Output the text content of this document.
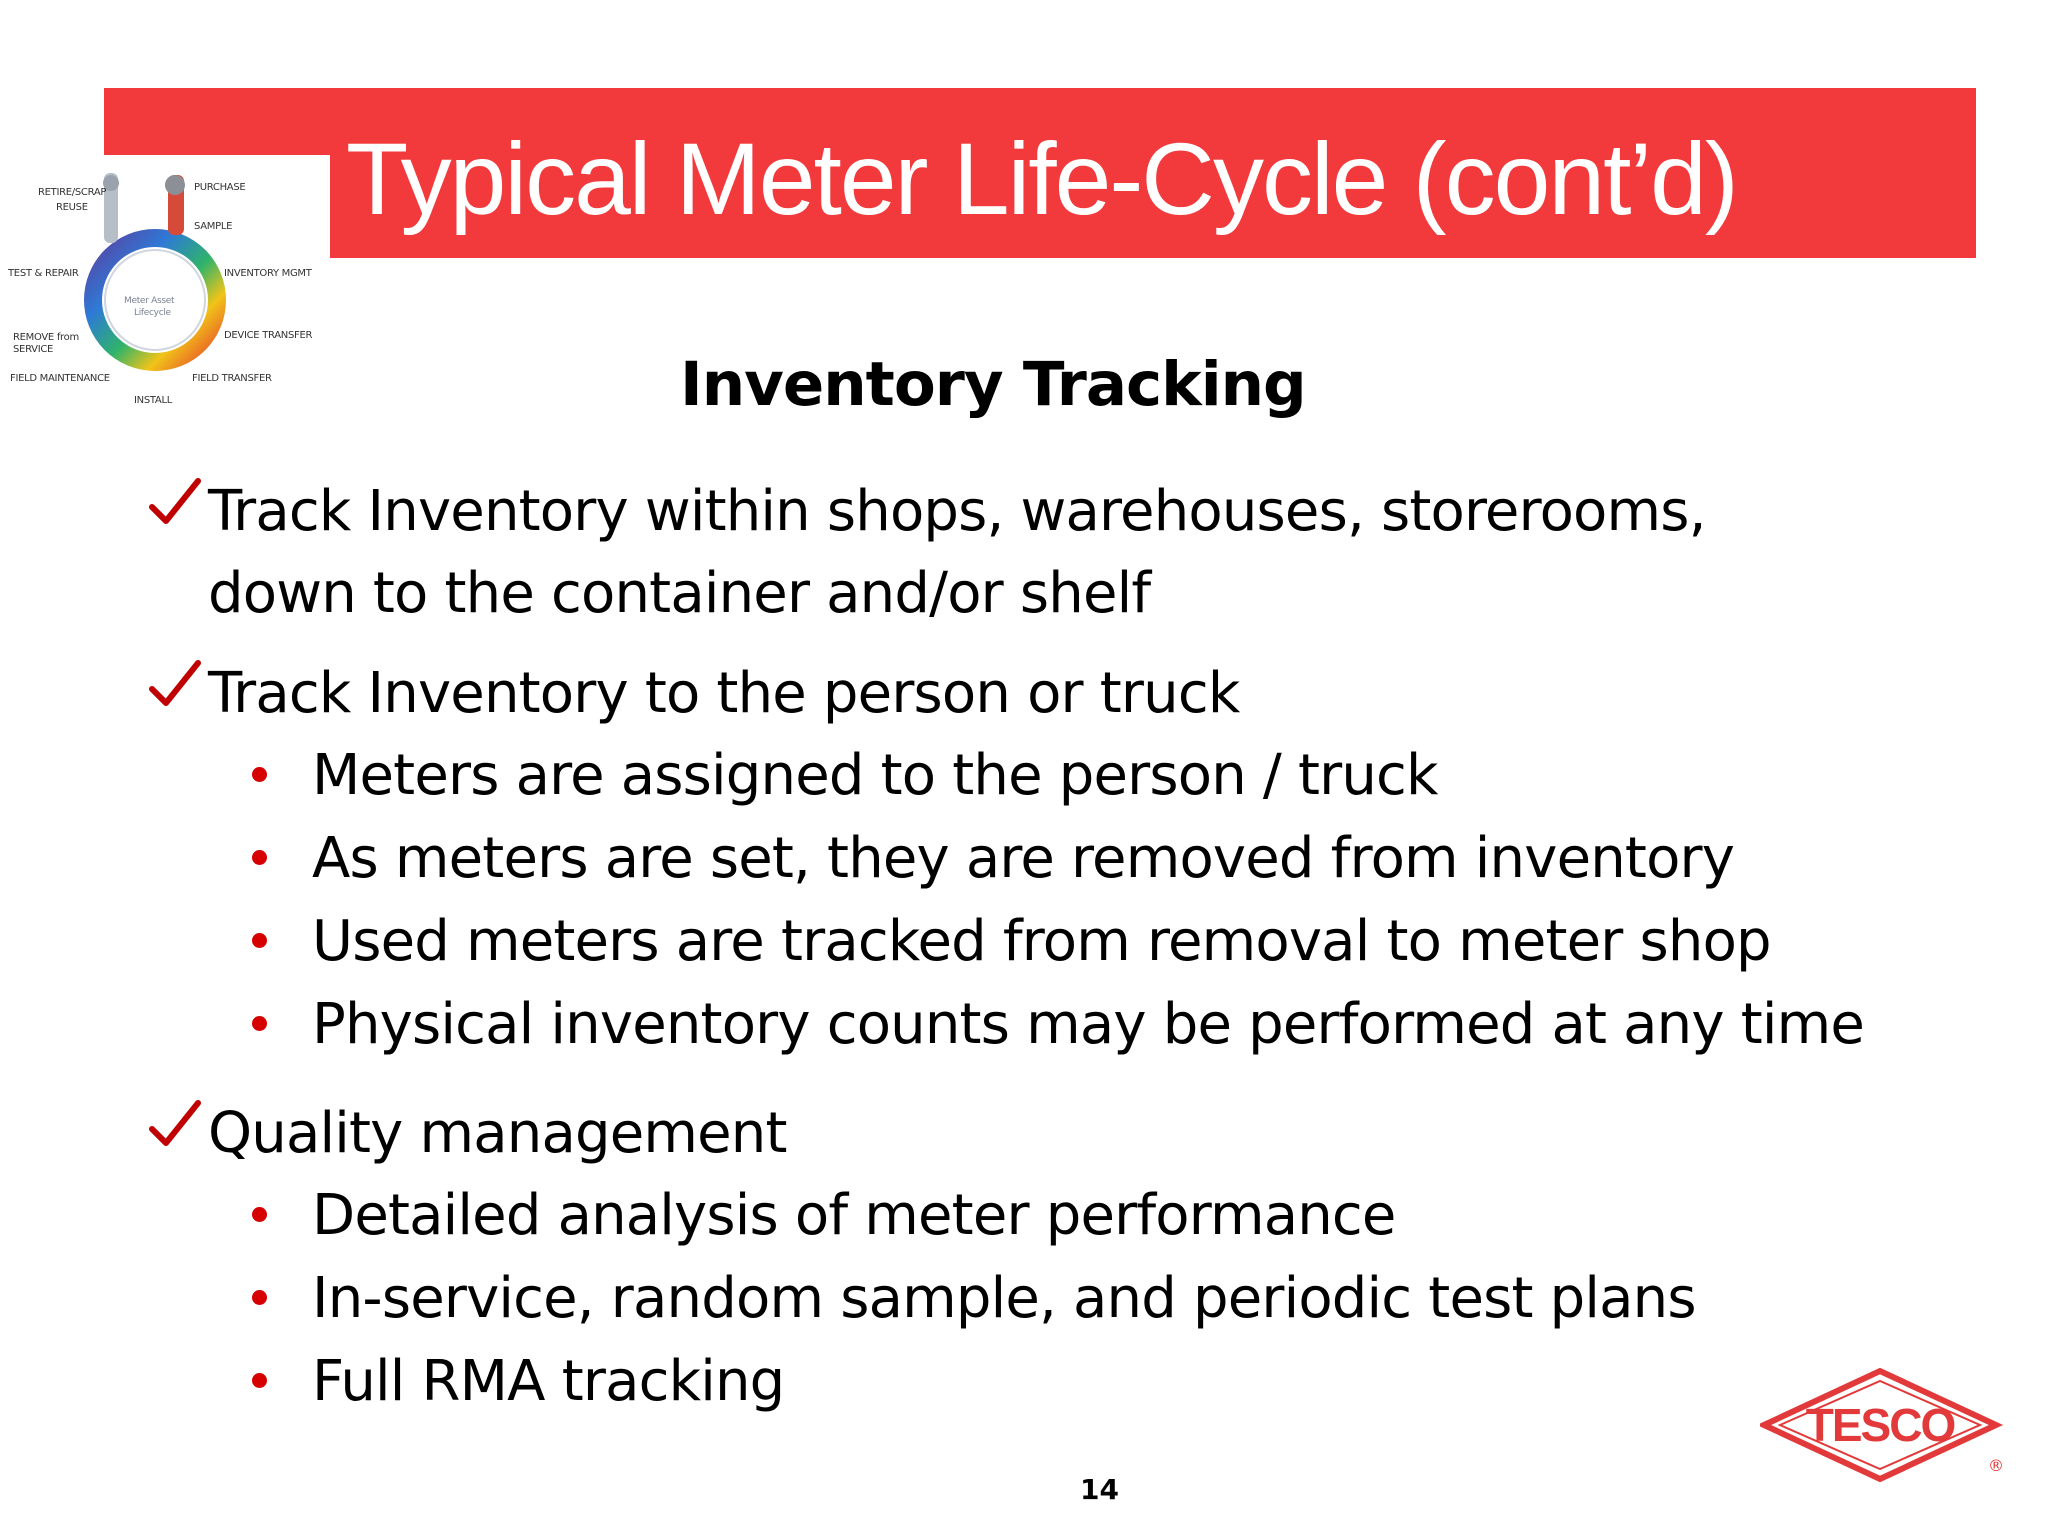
Typical Meter Life-Cycle (cont’d)
Meter Asset
Lifecycle
RETIRE/SCRAP
REUSE
PURCHASE
SAMPLE
TEST & REPAIR	INVENTORY MGMT
REMOVE from
SERVICE
DEVICE TRANSFER
FIELD MAINTENANCE	FIELD TRANSFER
INSTALL	Inventory Tracking
Track Inventory within shops, warehouses, storerooms,
down to the container and/or shelf
Track Inventory to the person or truck
Meters are assigned to the person / truck
As meters are set, they are removed from inventory
Used meters are tracked from removal to meter shop
Physical inventory counts may be performed at any time
Quality management
Detailed analysis of meter performance
In-service, random sample, and periodic test plans
Full RMA tracking
14
TESCO
®
